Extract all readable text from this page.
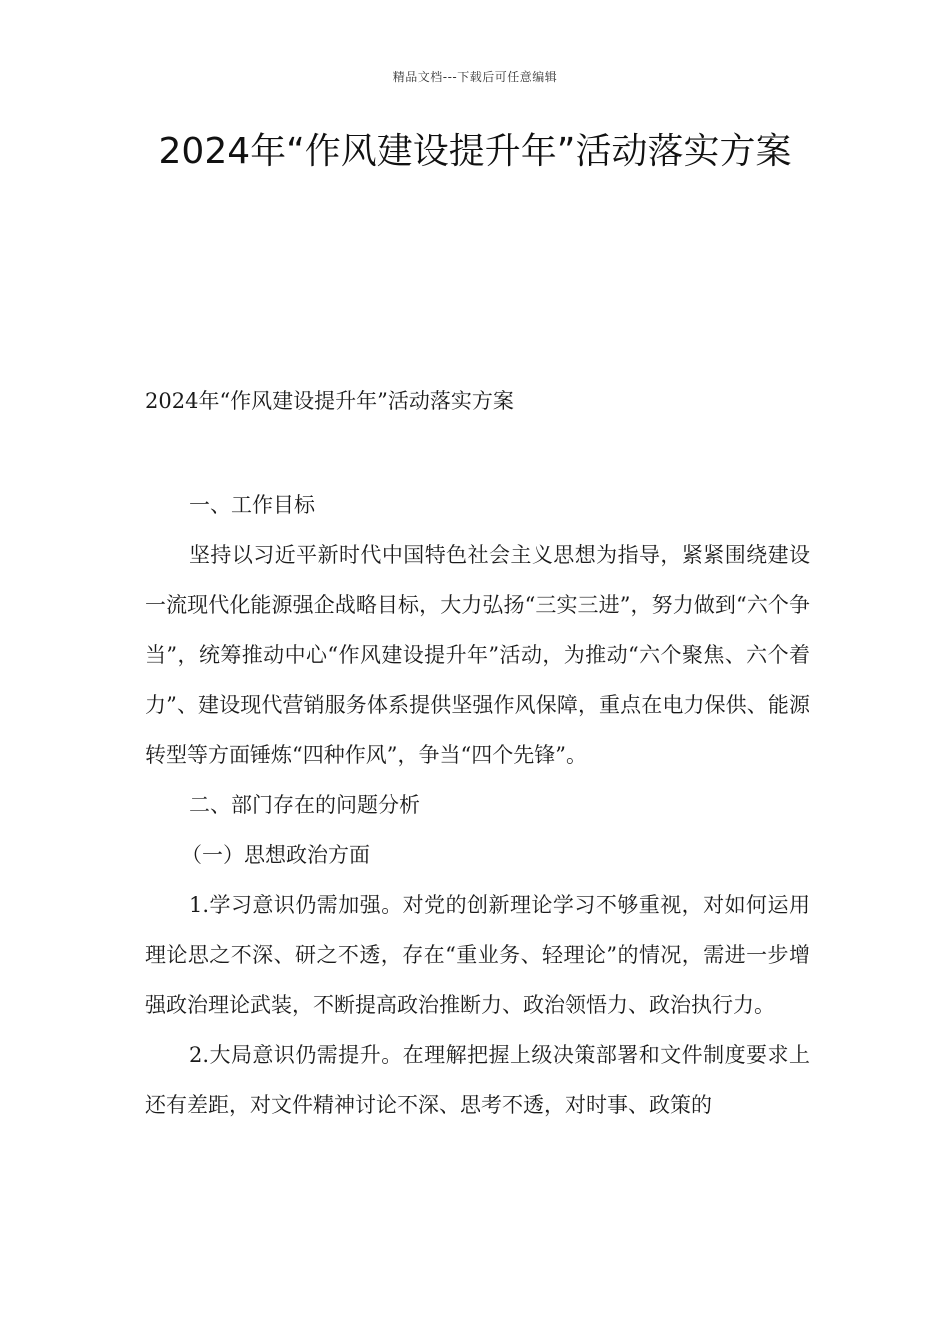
精品文档---下载后可任意编辑
2024年“作风建设提升年”活动落实方案

2024年“作风建设提升年”活动落实方案

一、工作目标

坚持以习近平新时代中国特色社会主义思想为指导，紧紧围绕建设一流现代化能源强企战略目标，大力弘扬“三实三进”，努力做到“六个争当”，统筹推动中心“作风建设提升年”活动，为推动“六个聚焦、六个着力”、建设现代营销服务体系提供坚强作风保障，重点在电力保供、能源转型等方面锤炼“四种作风”，争当“四个先锋”。

二、部门存在的问题分析

（一）思想政治方面

1.学习意识仍需加强。对党的创新理论学习不够重视，对如何运用理论思之不深、研之不透，存在“重业务、轻理论”的情况，需进一步增强政治理论武装，不断提高政治推断力、政治领悟力、政治执行力。

2.大局意识仍需提升。在理解把握上级决策部署和文件制度要求上还有差距，对文件精神讨论不深、思考不透，对时事、政策的
